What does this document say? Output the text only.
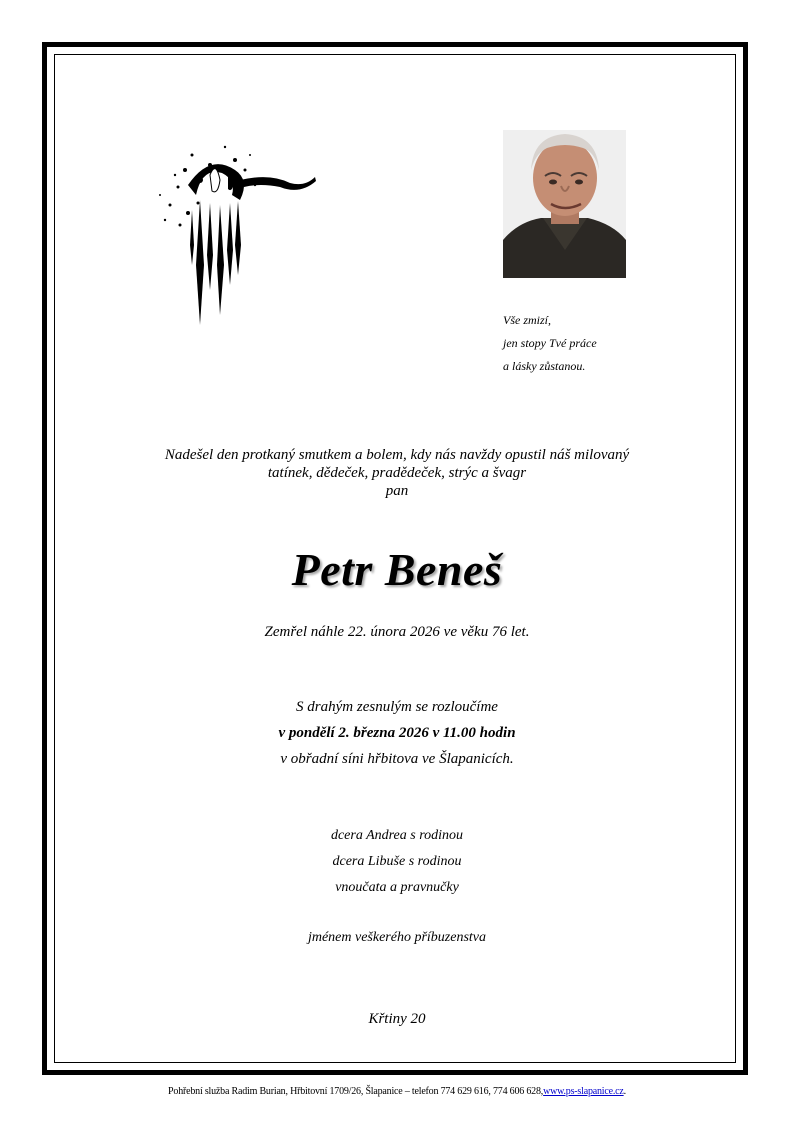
Vše zmizí,
jen stopy Tvé práce
a lásky zůstanou.
Nadešel den protkaný smutkem a bolem, kdy nás navždy opustil náš milovaný
tatínek, dědeček, pradědeček, strýc a švagr
pan
Petr Beneš
Zemřel náhle 22. února 2026 ve věku 76 let.
S drahým zesnulým se rozloučíme
v pondělí 2. března 2026 v 11.00 hodin
v obřadní síni hřbitova ve Šlapanicích.
dcera Andrea s rodinou
dcera Libuše s rodinou
vnoučata a pravnučky
jménem veškerého příbuzenstva
Křtiny 20
Pohřební služba Radim Burian, Hřbitovní 1709/26, Šlapanice – telefon 774 629 616, 774 606 628,www.ps-slapanice.cz.
